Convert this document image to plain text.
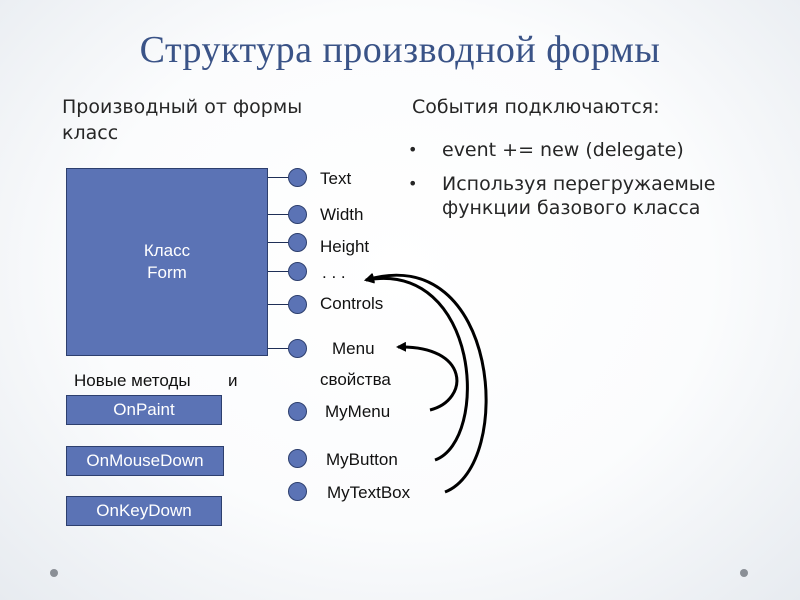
Структура производной формы
Производный от формы класс
События подключаются:
• event += new (delegate)
• Используя перегружаемые функции базового класса
Класс
Form
Text
Width
Height
. . .
Controls
Menu
Новые методы и	свойства
OnPaint
OnMouseDown
OnKeyDown
MyMenu
MyButton
MyTextBox
